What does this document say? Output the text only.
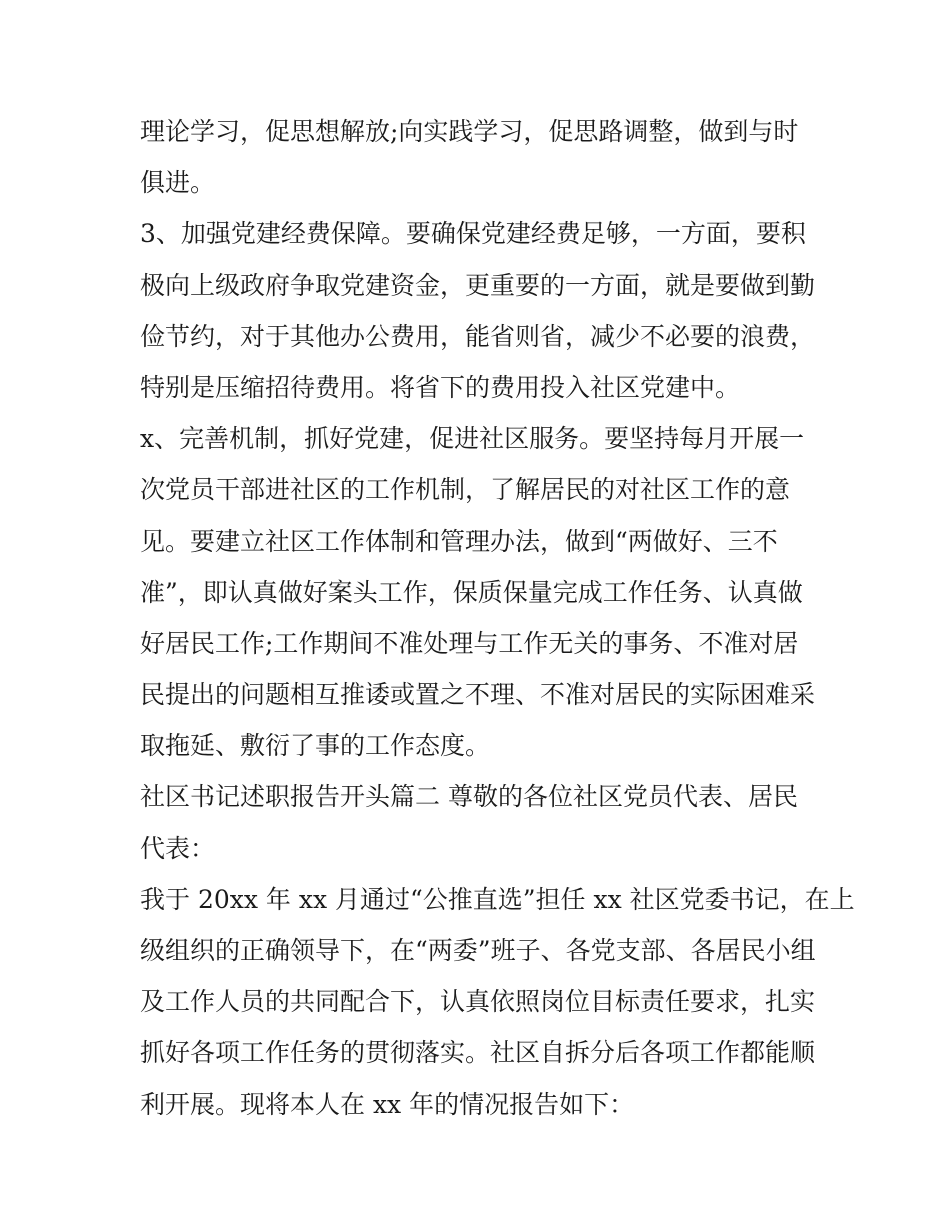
理论学习，促思想解放;向实践学习，促思路调整，做到与时
俱进。
3、加强党建经费保障。要确保党建经费足够，一方面，要积
极向上级政府争取党建资金，更重要的一方面，就是要做到勤
俭节约，对于其他办公费用，能省则省，减少不必要的浪费，
特别是压缩招待费用。将省下的费用投入社区党建中。
x、完善机制，抓好党建，促进社区服务。要坚持每月开展一
次党员干部进社区的工作机制，了解居民的对社区工作的意
见。要建立社区工作体制和管理办法，做到“两做好、三不
准”，即认真做好案头工作，保质保量完成工作任务、认真做
好居民工作;工作期间不准处理与工作无关的事务、不准对居
民提出的问题相互推诿或置之不理、不准对居民的实际困难采
取拖延、敷衍了事的工作态度。
社区书记述职报告开头篇二 尊敬的各位社区党员代表、居民
代表：
我于 20xx 年 xx 月通过“公推直选”担任 xx 社区党委书记，在上
级组织的正确领导下，在“两委”班子、各党支部、各居民小组
及工作人员的共同配合下，认真依照岗位目标责任要求，扎实
抓好各项工作任务的贯彻落实。社区自拆分后各项工作都能顺
利开展。现将本人在 xx 年的情况报告如下：
